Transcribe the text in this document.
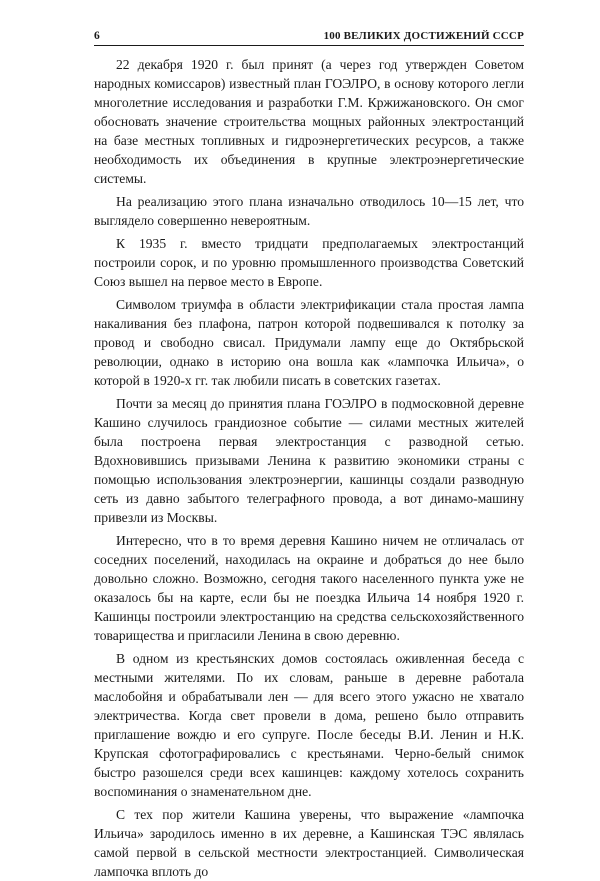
6	100 ВЕЛИКИХ ДОСТИЖЕНИЙ СССР

22 декабря 1920 г. был принят (а через год утвержден Советом народных комиссаров) известный план ГОЭЛРО, в основу которого легли многолетние исследования и разработки Г.М. Кржижановского. Он смог обосновать значение строительства мощных районных электростанций на базе местных топливных и гидроэнергетических ресурсов, а также необходимость их объединения в крупные электроэнергетические системы.

На реализацию этого плана изначально отводилось 10—15 лет, что выглядело совершенно невероятным.

К 1935 г. вместо тридцати предполагаемых электростанций построили сорок, и по уровню промышленного производства Советский Союз вышел на первое место в Европе.

Символом триумфа в области электрификации стала простая лампа накаливания без плафона, патрон которой подвешивался к потолку за провод и свободно свисал. Придумали лампу еще до Октябрьской революции, однако в историю она вошла как «лампочка Ильича», о которой в 1920-х гг. так любили писать в советских газетах.

Почти за месяц до принятия плана ГОЭЛРО в подмосковной деревне Кашино случилось грандиозное событие — силами местных жителей была построена первая электростанция с разводной сетью. Вдохновившись призывами Ленина к развитию экономики страны с помощью использования электроэнергии, кашинцы создали разводную сеть из давно забытого телеграфного провода, а вот динамо-машину привезли из Москвы.

Интересно, что в то время деревня Кашино ничем не отличалась от соседних поселений, находилась на окраине и добраться до нее было довольно сложно. Возможно, сегодня такого населенного пункта уже не оказалось бы на карте, если бы не поездка Ильича 14 ноября 1920 г. Кашинцы построили электростанцию на средства сельскохозяйственного товарищества и пригласили Ленина в свою деревню.

В одном из крестьянских домов состоялась оживленная беседа с местными жителями. По их словам, раньше в деревне работала маслобойня и обрабатывали лен — для всего этого ужасно не хватало электричества. Когда свет провели в дома, решено было отправить приглашение вождю и его супруге. После беседы В.И. Ленин и Н.К. Крупская сфотографировались с крестьянами. Черно-белый снимок быстро разошелся среди всех кашинцев: каждому хотелось сохранить воспоминания о знаменательном дне.

С тех пор жители Кашина уверены, что выражение «лампочка Ильича» зародилось именно в их деревне, а Кашинская ТЭС являлась самой первой в сельской местности электростанцией. Символическая лампочка вплоть до
